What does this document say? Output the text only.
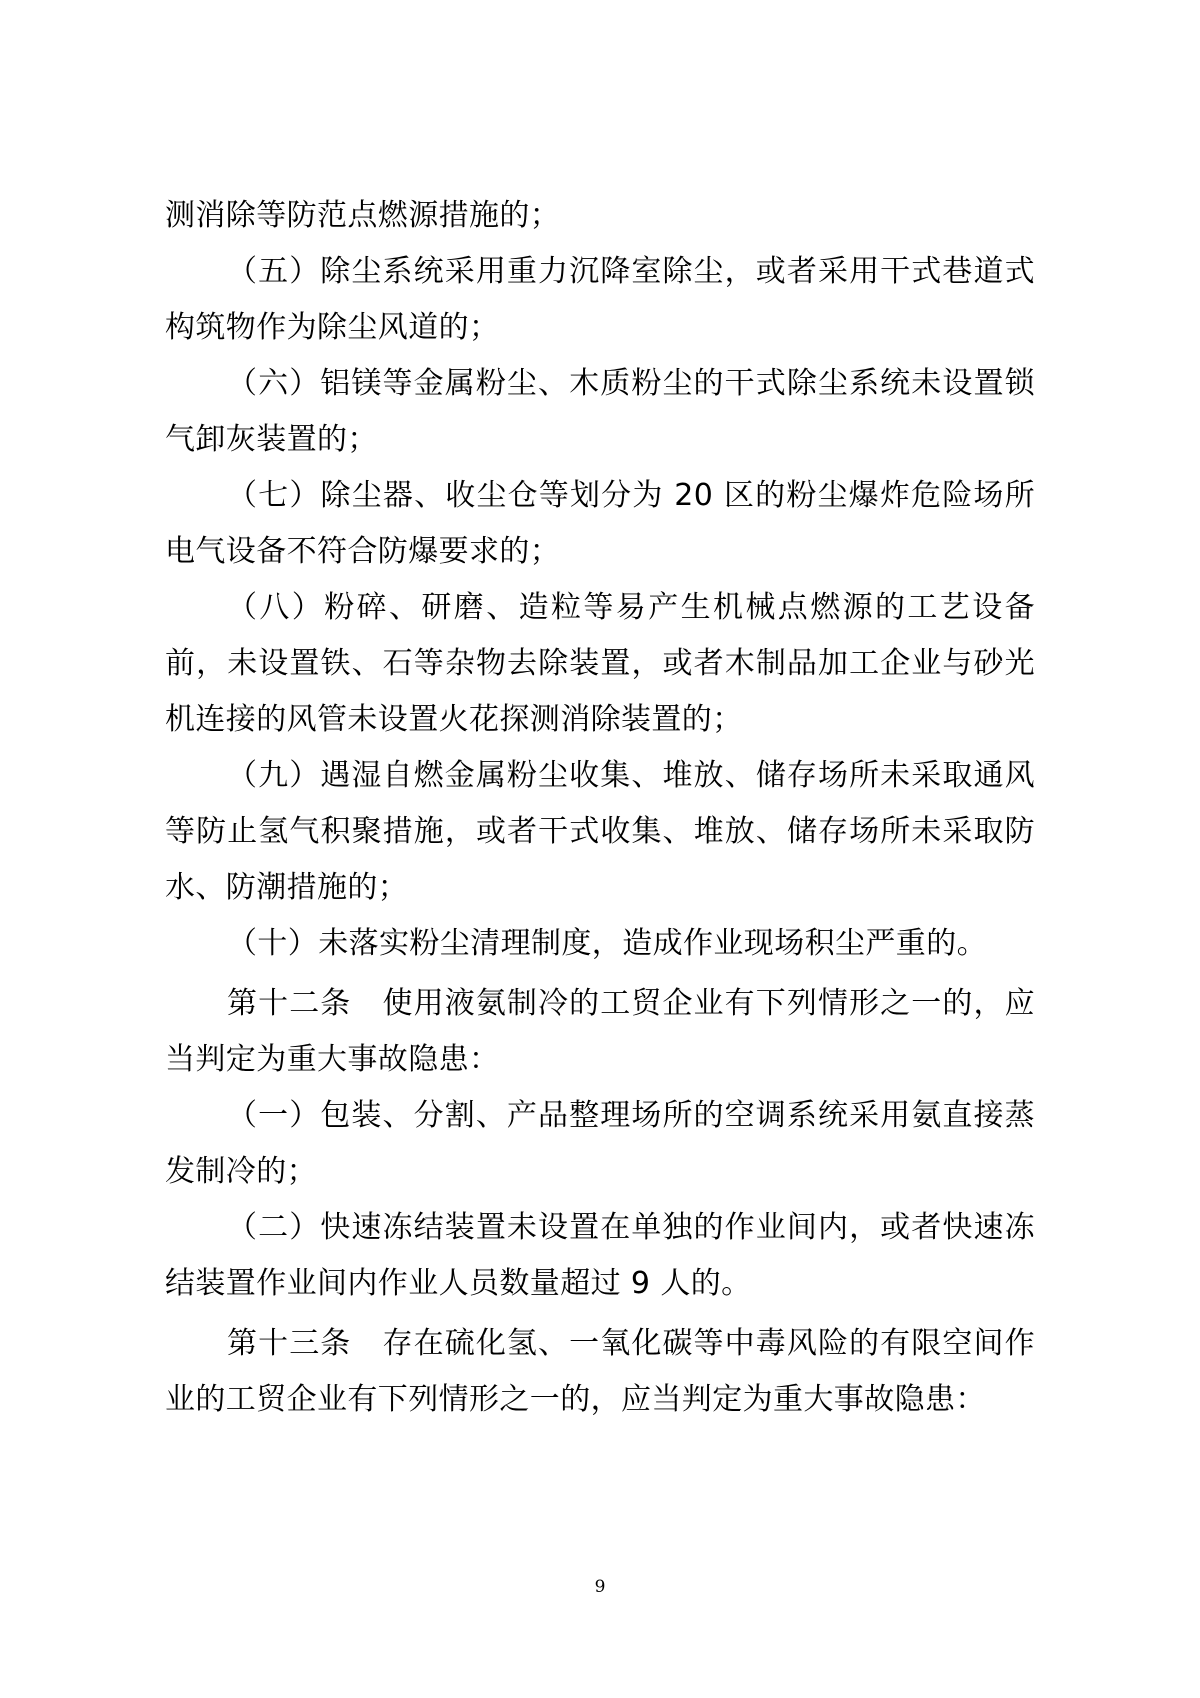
测消除等防范点燃源措施的；

（五）除尘系统采用重力沉降室除尘，或者采用干式巷道式构筑物作为除尘风道的；

（六）铝镁等金属粉尘、木质粉尘的干式除尘系统未设置锁气卸灰装置的；

（七）除尘器、收尘仓等划分为 20 区的粉尘爆炸危险场所电气设备不符合防爆要求的；

（八）粉碎、研磨、造粒等易产生机械点燃源的工艺设备前，未设置铁、石等杂物去除装置，或者木制品加工企业与砂光机连接的风管未设置火花探测消除装置的；

（九）遇湿自燃金属粉尘收集、堆放、储存场所未采取通风等防止氢气积聚措施，或者干式收集、堆放、储存场所未采取防水、防潮措施的；

（十）未落实粉尘清理制度，造成作业现场积尘严重的。

第十二条　使用液氨制冷的工贸企业有下列情形之一的，应当判定为重大事故隐患：

（一）包装、分割、产品整理场所的空调系统采用氨直接蒸发制冷的；

（二）快速冻结装置未设置在单独的作业间内，或者快速冻结装置作业间内作业人员数量超过 9 人的。

第十三条　存在硫化氢、一氧化碳等中毒风险的有限空间作业的工贸企业有下列情形之一的，应当判定为重大事故隐患：

9
